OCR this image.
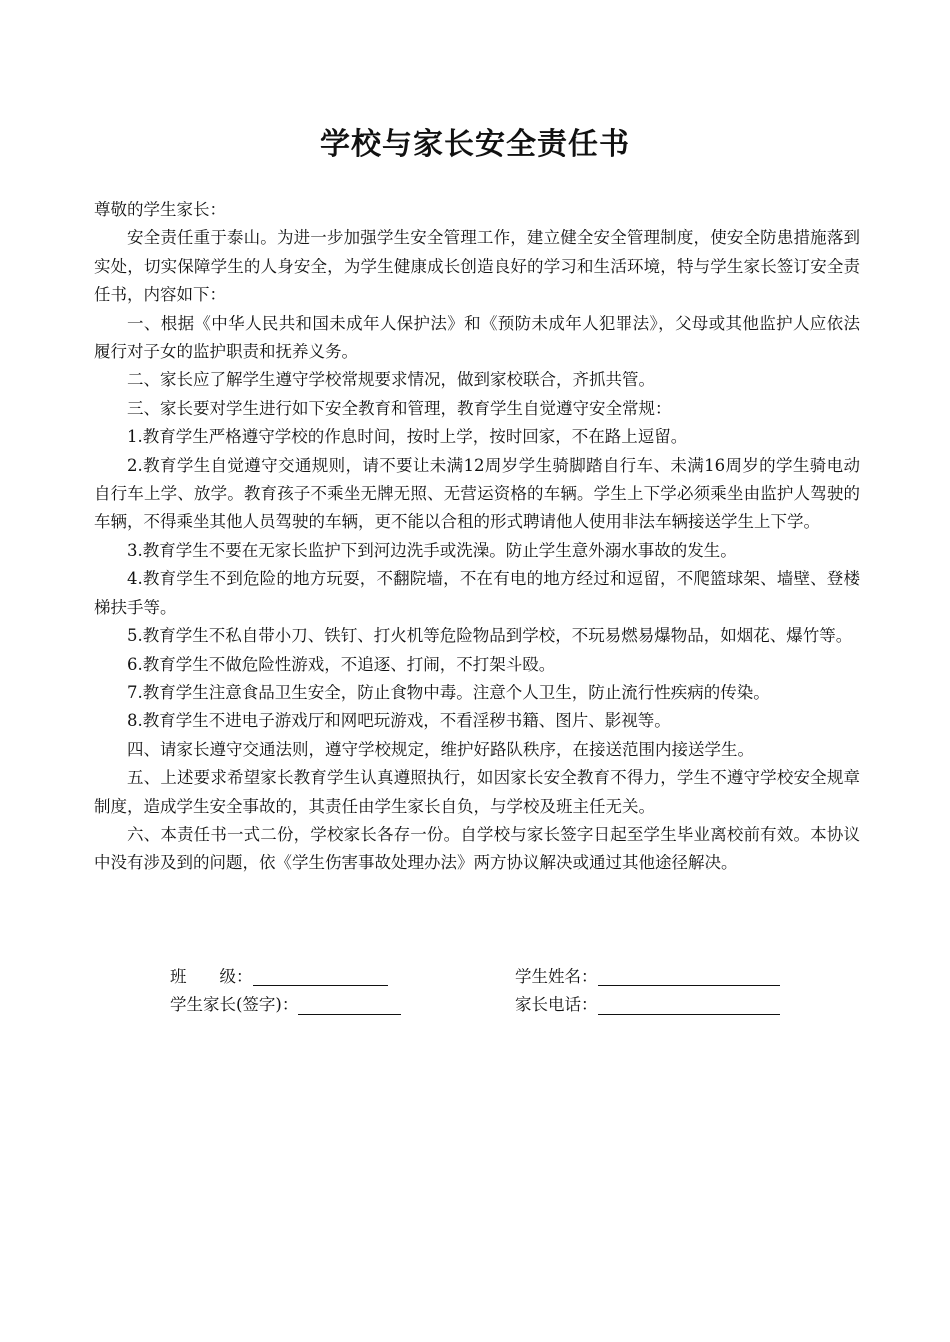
学校与家长安全责任书

尊敬的学生家长：

安全责任重于泰山。为进一步加强学生安全管理工作，建立健全安全管理制度，使安全防患措施落到实处，切实保障学生的人身安全，为学生健康成长创造良好的学习和生活环境，特与学生家长签订安全责任书，内容如下：

一、根据《中华人民共和国未成年人保护法》和《预防未成年人犯罪法》，父母或其他监护人应依法履行对子女的监护职责和抚养义务。

二、家长应了解学生遵守学校常规要求情况，做到家校联合，齐抓共管。

三、家长要对学生进行如下安全教育和管理，教育学生自觉遵守安全常规：

1.教育学生严格遵守学校的作息时间，按时上学，按时回家，不在路上逗留。

2.教育学生自觉遵守交通规则，请不要让未满12周岁学生骑脚踏自行车、未满16周岁的学生骑电动自行车上学、放学。教育孩子不乘坐无牌无照、无营运资格的车辆。学生上下学必须乘坐由监护人驾驶的车辆，不得乘坐其他人员驾驶的车辆，更不能以合租的形式聘请他人使用非法车辆接送学生上下学。

3.教育学生不要在无家长监护下到河边洗手或洗澡。防止学生意外溺水事故的发生。

4.教育学生不到危险的地方玩耍，不翻院墙，不在有电的地方经过和逗留，不爬篮球架、墙壁、登楼梯扶手等。

5.教育学生不私自带小刀、铁钉、打火机等危险物品到学校，不玩易燃易爆物品，如烟花、爆竹等。

6.教育学生不做危险性游戏，不追逐、打闹，不打架斗殴。

7.教育学生注意食品卫生安全，防止食物中毒。注意个人卫生，防止流行性疾病的传染。

8.教育学生不进电子游戏厅和网吧玩游戏，不看淫秽书籍、图片、影视等。

四、请家长遵守交通法则，遵守学校规定，维护好路队秩序，在接送范围内接送学生。

五、上述要求希望家长教育学生认真遵照执行，如因家长安全教育不得力，学生不遵守学校安全规章制度，造成学生安全事故的，其责任由学生家长自负，与学校及班主任无关。

六、本责任书一式二份，学校家长各存一份。自学校与家长签字日起至学生毕业离校前有效。本协议中没有涉及到的问题，依《学生伤害事故处理办法》两方协议解决或通过其他途径解决。

班　　级：	学生姓名：
学生家长(签字)：	家长电话：
